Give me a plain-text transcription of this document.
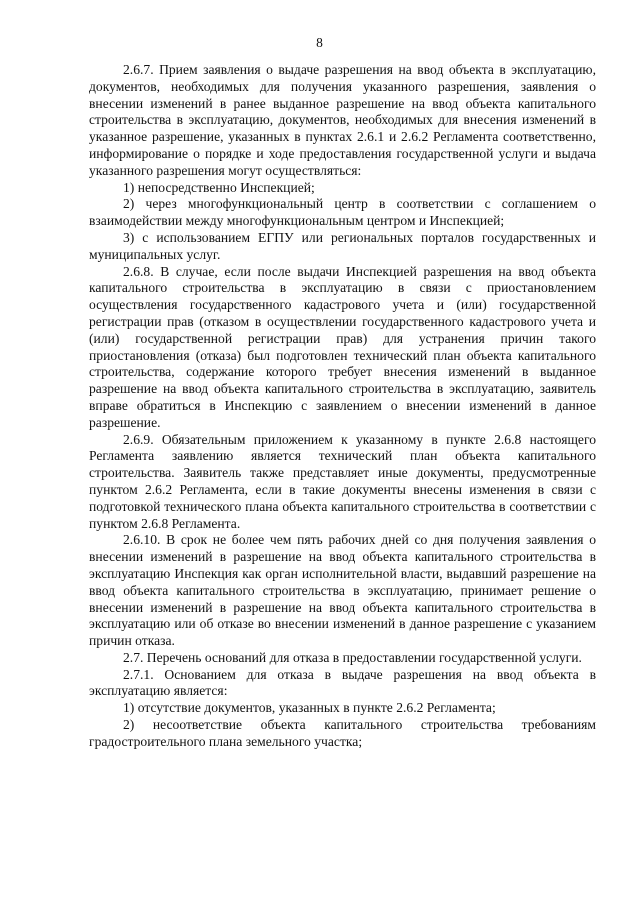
8

2.6.7. Прием заявления о выдаче разрешения на ввод объекта в эксплуатацию, документов, необходимых для получения указанного разрешения, заявления о внесении изменений в ранее выданное разрешение на ввод объекта капитального строительства в эксплуатацию, документов, необходимых для внесения изменений в указанное разрешение, указанных в пунктах 2.6.1 и 2.6.2 Регламента соответственно, информирование о порядке и ходе предоставления государственной услуги и выдача указанного разрешения могут осуществляться:

1) непосредственно Инспекцией;

2) через многофункциональный центр в соответствии с соглашением о взаимодействии между многофункциональным центром и Инспекцией;

3) с использованием ЕГПУ или региональных порталов государственных и муниципальных услуг.

2.6.8. В случае, если после выдачи Инспекцией разрешения на ввод объекта капитального строительства в эксплуатацию в связи с приостановлением осуществления государственного кадастрового учета и (или) государственной регистрации прав (отказом в осуществлении государственного кадастрового учета и (или) государственной регистрации прав) для устранения причин такого приостановления (отказа) был подготовлен технический план объекта капитального строительства, содержание которого требует внесения изменений в выданное разрешение на ввод объекта капитального строительства в эксплуатацию, заявитель вправе обратиться в Инспекцию с заявлением о внесении изменений в данное разрешение.

2.6.9. Обязательным приложением к указанному в пункте 2.6.8 настоящего Регламента заявлению является технический план объекта капитального строительства. Заявитель также представляет иные документы, предусмотренные пунктом 2.6.2 Регламента, если в такие документы внесены изменения в связи с подготовкой технического плана объекта капитального строительства в соответствии с пунктом 2.6.8 Регламента.

2.6.10. В срок не более чем пять рабочих дней со дня получения заявления о внесении изменений в разрешение на ввод объекта капитального строительства в эксплуатацию Инспекция как орган исполнительной власти, выдавший разрешение на ввод объекта капитального строительства в эксплуатацию, принимает решение о внесении изменений в разрешение на ввод объекта капитального строительства в эксплуатацию или об отказе во внесении изменений в данное разрешение с указанием причин отказа.

2.7. Перечень оснований для отказа в предоставлении государственной услуги.

2.7.1. Основанием для отказа в выдаче разрешения на ввод объекта в эксплуатацию является:

1) отсутствие документов, указанных в пункте 2.6.2 Регламента;

2) несоответствие объекта капитального строительства требованиям градостроительного плана земельного участка;
